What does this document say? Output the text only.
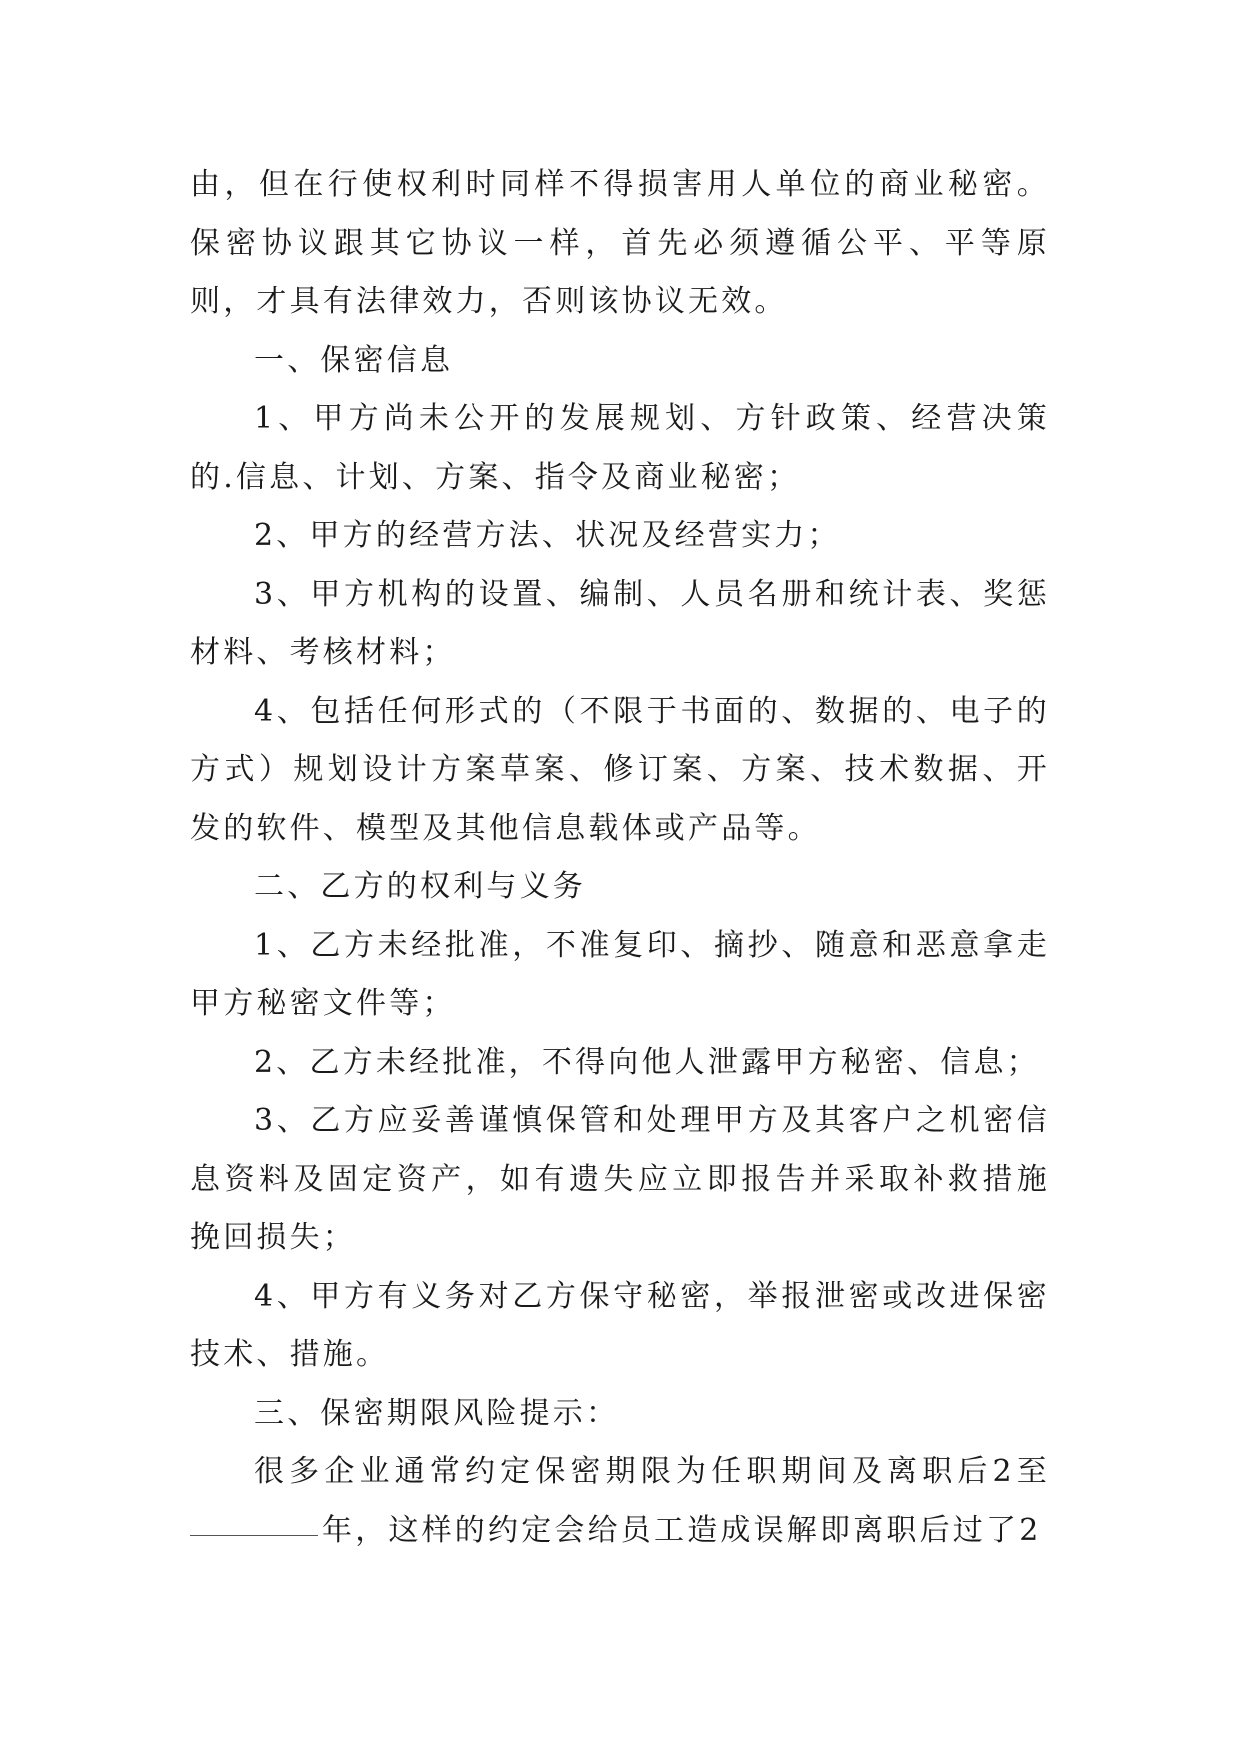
由，但在行使权利时同样不得损害用人单位的商业秘密。保密协议跟其它协议一样，首先必须遵循公平、平等原则，才具有法律效力，否则该协议无效。

一、保密信息

1、甲方尚未公开的发展规划、方针政策、经营决策的.信息、计划、方案、指令及商业秘密；

2、甲方的经营方法、状况及经营实力；

3、甲方机构的设置、编制、人员名册和统计表、奖惩材料、考核材料；

4、包括任何形式的（不限于书面的、数据的、电子的方式）规划设计方案草案、修订案、方案、技术数据、开发的软件、模型及其他信息载体或产品等。

二、乙方的权利与义务

1、乙方未经批准，不准复印、摘抄、随意和恶意拿走甲方秘密文件等；

2、乙方未经批准，不得向他人泄露甲方秘密、信息；

3、乙方应妥善谨慎保管和处理甲方及其客户之机密信息资料及固定资产，如有遗失应立即报告并采取补救措施挽回损失；

4、甲方有义务对乙方保守秘密，举报泄密或改进保密技术、措施。

三、保密期限风险提示：

很多企业通常约定保密期限为任职期间及离职后2至年，这样的约定会给员工造成误解即离职后过了2
